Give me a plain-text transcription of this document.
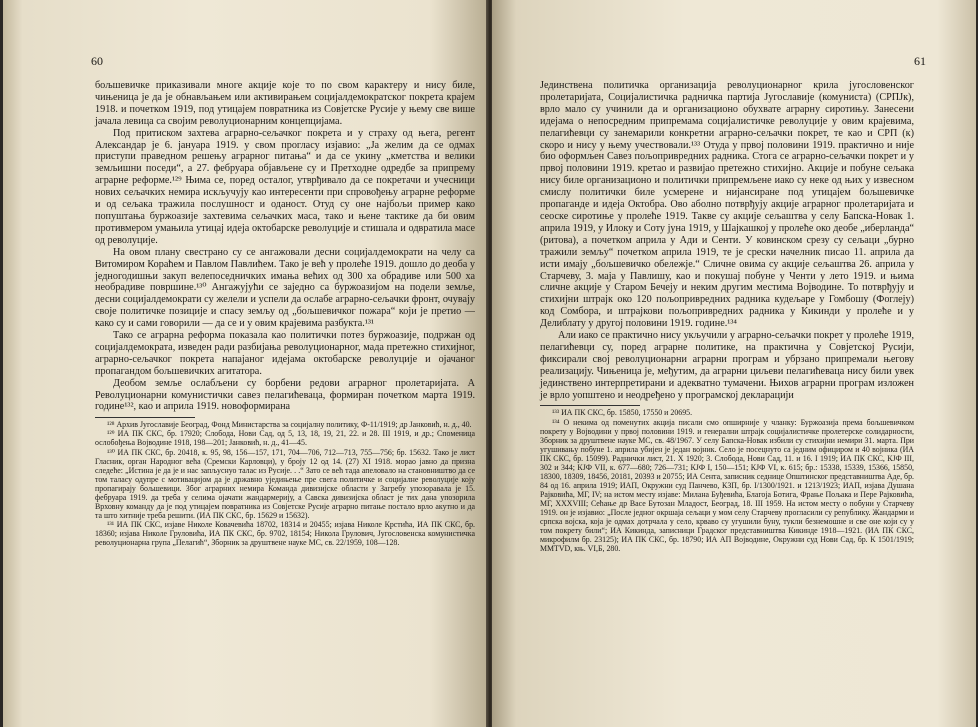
60

бољшевичке приказивали многе акције које то по свом карактеру и нису биле, чињеница је да је обнављањем или активирањем социјалдемократског покрета крајем 1918. и почетком 1919, под утицајем повратника из Совјетске Русије у њему све више јачала левица са својим револуционарним концепцијама.

Под притиском захтева аграрно-сељачког покрета и у страху од њега, регент Александар је 6. јануара 1919. у свом прогласу изјавио: „Ја желим да се одмах приступи праведном решењу аграрног питања“ и да се укину „кметства и велики земљишни поседи“, а 27. фебруара објављене су и Претходне одредбе за припрему аграрне реформе.¹²⁹ Њима се, поред осталог, утврђивало да се покретачи и учесници нових сељачких немира искључују као интересенти при спровођењу аграрне реформе и од сељака тражила послушност и оданост. Отуд су оне најбољи пример како попуштања буржоазије захтевима сељачких маса, тако и њене тактике да би овим противмером умањила утицај идеја октобарске револуције и стишала и одвратила масе од револуције.

На овом плану свестрано су се ангажовали десни социјалдемократи на челу са Витомиром Кораћем и Павлом Павлићем. Тако је већ у пролеће 1919. дошло до деоба у једногодишњи закуп велепоседничких имања већих од 300 ха обрадиве или 500 ха необрадиве површине.¹³⁰ Ангажујући се заједно са буржоазијом на подели земље, десни социјалдемократи су желели и успели да ослабе аграрно-сељачки фронт, очувају своје политичке позиције и спасу земљу од „бољшевичког пожара“ који је претио — како су и сами говорили — да се и у овим крајевима разбукта.¹³¹

Тако се аграрна реформа показала као политички потез буржоазије, подржан од социјалдемократа, изведен ради разбијања револуционарног, мада претежно стихијног, аграрно-сељачког покрета напајаног идејама октобарске револуције и ојачаног пропагандом бољшевичких агитатора.

Деобом земље ослабљени су борбени редови аграрног пролетаријата. А Револуционарни комунистички савез пелагићеваца, формиран почетком марта 1919. године¹³², као и априла 1919. новоформирана

¹²⁸ Архив Југославије Београд, Фонд Министарства за социјалну политику, Ф-11/1919; др Јанковић, н. д., 40.

¹²⁹ ИА ПК СКС, бр. 17920; Слобода, Нови Сад, од 5, 13, 18, 19, 21, 22. и 28. III 1919, и др.; Споменица ослобођења Војводине 1918, 198—201; Јанковић, н. д., 41—45.

¹³⁰ ИА ПК СКС, бр. 20418, к. 95, 98, 156—157, 171, 704—706, 712—713, 755—756; бр. 15632. Тако је лист Гласник, орган Народног већа (Сремски Карловци), у броју 12 од 14. (27) XI 1918. мораo јавно да призна следеће: „Истина је да је и нас запљуснуо талас из Русије. . .“ Зато се већ тада апеловало на становништво да се том таласу одупре с мотивацијом да је државно уједињење пре свега политичке и социјалне револуције коју пропагирају бољшевици. Због аграрних немира Команда дивизијске области у Загребу упозоравала је 15. фебруара 1919. да треба у селима ојачати жандармерију, а Савска дивизијска област је тих дана упозорила Врховну команду да је под утицајем повратника из Совјетске Русије аграрно питање постало врло акутно и да та што хитније треба решити. (ИА ПК СКС, бр. 15629 и 15632).

¹³¹ ИА ПК СКС, изјаве Николе Ковачевића 18702, 18314 и 20455; изјава Николе Крстића, ИА ПК СКС, бр. 18360; изјава Николе Груловића, ИА ПК СКС, бр. 9702, 18154; Никола Грулович, Југословенска комунистичка револуционарна група „Пелагић“, Зборник за друштвене науке МС, св. 22/1959, 108—128.

61

Јединствена политичка организација револуционарног крила југословенског пролетаријата, Социјалистичка радничка партија Југославије (комуниста) (СРПЈк), врло мало су учинили да и организационо обухвате аграрну сиротињу. Занесени идејама о непосредним припремама социјалистичке револуције у овим крајевима, пелагићевци су занемарили конкретни аграрно-сељачки покрет, те као и СРП (к) скоро и нису у њему учествовали.¹³³ Отуда у првој половини 1919. практично и није био оформљен Савез пољопривредних радника. Стога се аграрно-сељачки покрет и у првој половини 1919. кретао и развијао претежно стихијно. Акције и побуне сељака нису биле организационо и политички припремљене иако су неке од њих у извесном смислу политички биле усмерене и нијансиране под утицајем бољшевичке пропаганде и идеја Октобра. Ово аболно потврђују акције аграрног пролетаријата и сеоске сиротиње у пролеће 1919. Такве су акције сељаштва у селу Бапска-Новак 1. априла 1919, у Илоку и Соту јуна 1919, у Шајкашкој у пролеће око деобе „иберланда“ (ритова), а почетком априла у Ади и Сенти. У ковинском срезу су сељаци „бурно тражили земљу“ почетком априла 1919, те је среcки начелник писао 11. априла да исти имају „бољшевичко обележје.“ Сличне овима су акције сељаштва 26. априла у Старчеву, 3. маја у Павлишу, као и покушај побуне у Ченти у лето 1919. и њима сличне акције у Старом Бечеју и неким другим местима Војводине. То потврђују и стихијни штрајк око 120 пољопривредних радника кудељаре у Гомбошу (Фоглеју) код Сомбора, и штрајкови пољопривредних радника у Кикинди у пролеће и у Делиблату у другој половини 1919. године.¹³⁴

Али иако се практично нису укључили у аграрно-сељачки покрет у пролеће 1919, пелагићевци су, поред аграрне политике, на практична у Совјетској Русији, фиксирали свој револуционарни аграрни програм и убрзано припремали његову реализацију. Чињеница је, међутим, да аграрни циљеви пелагићеваца нису били увек јединствено интерпретирани и адекватно тумачени. Њихов аграрни програм изложен је врло уопштено и неодређено у програмској декларацији

¹³³ ИА ПК СКС, бр. 15850, 17550 и 20695.

¹³⁴ О некима од поменутих акција писали смо опширније у чланку: Буржоазија према бољшевичком покрету у Војводини у првој половини 1919. и генерални штрајк социјалистичке пролетерске солидарности, Зборник за друштвене науке МС, св. 48/1967. У селу Бапска-Новак избили су стихијни немири 31. марта. При угушивању побуне 1. априла убијен је један војник. Село је посецнуто са једним официром и 40 војника (ИА ПК СКС, бр. 15099). Раднички лист, 21. X 1920; 3. Слобода, Нови Сад, 11. и 16. I 1919; ИА ПК СКС, КЈФ III, 302 и 344; КЈФ VII, к. 677—680; 726—731; КЈФ I, 150—151; КЈФ VI, к. 615; бр.: 15338, 15339, 15366, 15850, 18300, 18309, 18456, 20181, 20393 и 20755; ИА Сента, записник седнице Општинског представништва Аде, бр. 84 од 16. априла 1919; ИАП, Окружни суд Панчево, КЗП, бр. I/1300/1921. и 1213/1923; ИАП, изјава Душана Рaјковића, МГ, IV; на истом месту изјаве: Милана Буђевића, Благоја Ботига, Фрање Пољака и Пере Рајковића, МГ, XXXVIII; Сећање др Васе Бутозан Младост, Београд, 18. III 1959. На истом месту о побуни у Старчеву 1919. он је изјавио: „После једног окршаја сељаци у мом селу Старчеву прогласили су републику. Жандарми и српска војска, која је одмах дотрчала у село, крваво су угушили буну, тукли безнемошне и све оне који су у том покрету били“; ИА Кикинда, записници Градског представништва Кикинде 1918—1921. (ИА ПК СКС, микрофилм бр. 23125); ИА ПК СКС, бр. 18790; ИА АП Војводине, Окружни суд Нови Сад, бр. К 1501/1919; MMTVD, књ. VI,Б, 280.
